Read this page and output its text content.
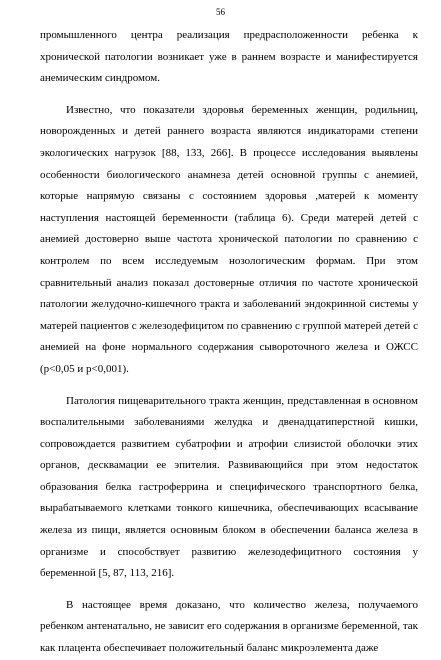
56

промышленного центра реализация предрасположенности ребенка к хронической патологии возникает уже в раннем возрасте и манифестируется анемическим синдромом.

Известно, что показатели здоровья беременных женщин, родильниц, новорожденных и детей раннего возраста являются индикаторами степени экологических нагрузок [88, 133, 266]. В процессе исследования выявлены особенности биологического анамнеза детей основной группы с анемией, которые напрямую связаны с состоянием здоровья ,матерей к моменту наступления настоящей беременности (таблица 6). Среди матерей детей с анемией достоверно выше частота хронической патологии по сравнению с контролем по всем исследуемым нозологическим формам. При этом сравнительный анализ показал достоверные отличия по частоте хронической патологии желудочно-кишечного тракта и заболеваний эндокринной системы у матерей пациентов с железодефицитом по сравнению с группой матерей детей с анемией на фоне нормального содержания сывороточного железа и ОЖСС (р<0,05 и р<0,001).

Патология пищеварительного тракта женщин, представленная в основном воспалительными заболеваниями желудка и двенадцатиперстной кишки, сопровождается развитием субатрофии и атрофии слизистой оболочки этих органов, десквамации ее эпителия. Развивающийся при этом недостаток образования белка гастроферрина и специфического транспортного белка, вырабатываемого клетками тонкого кишечника, обеспечивающих всасывание железа из пищи, является основным блоком в обеспечении баланса железа в организме и способствует развитию железодефицитного состояния у беременной [5, 87, 113, 216].

В настоящее время доказано, что количество железа, получаемого ребенком антенатально, не зависит его содержания в организме беременной, так как плацента обеспечивает положительный баланс микроэлемента даже
